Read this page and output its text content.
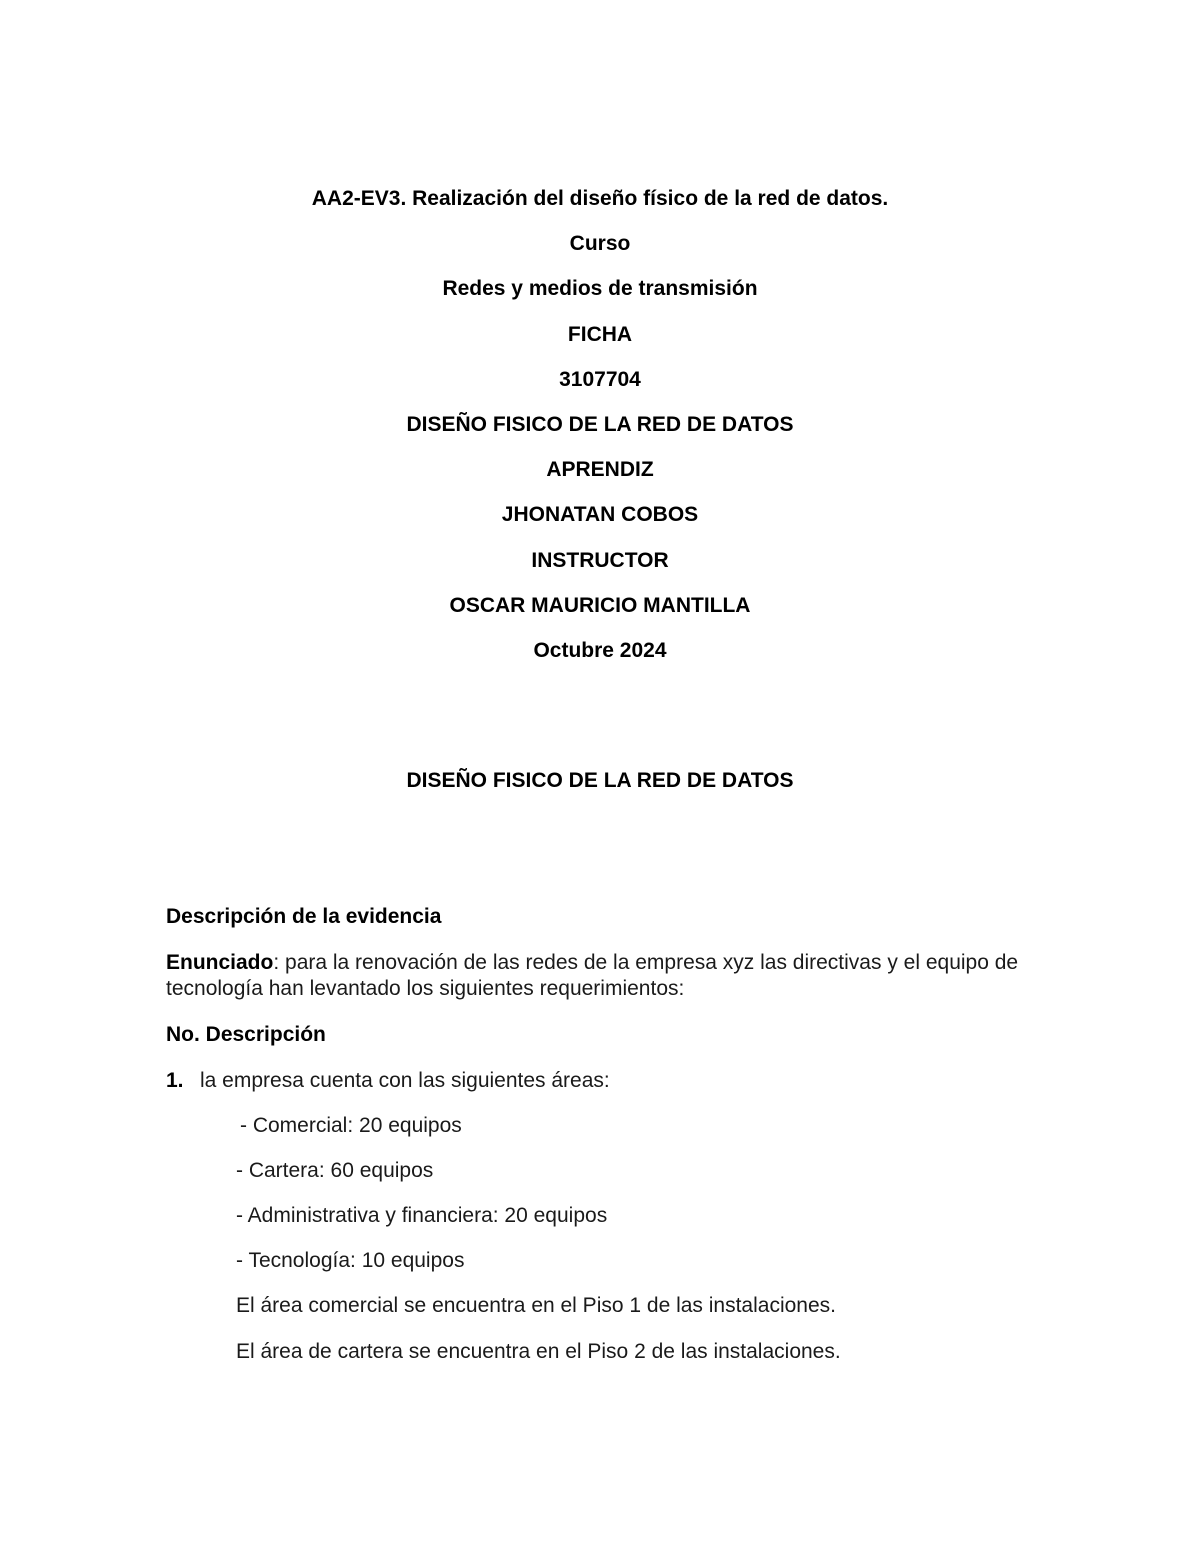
AA2-EV3. Realización del diseño físico de la red de datos.
Curso
Redes y medios de transmisión
FICHA
3107704
DISEÑO FISICO DE LA RED DE DATOS
APRENDIZ
JHONATAN COBOS
INSTRUCTOR
OSCAR MAURICIO MANTILLA
Octubre 2024
DISEÑO FISICO DE LA RED DE DATOS
Descripción de la evidencia
Enunciado: para la renovación de las redes de la empresa xyz las directivas y el equipo de tecnología han levantado los siguientes requerimientos:
No. Descripción
1. la empresa cuenta con las siguientes áreas:
- Comercial: 20 equipos
- Cartera: 60 equipos
- Administrativa y financiera: 20 equipos
- Tecnología: 10 equipos
El área comercial se encuentra en el Piso 1 de las instalaciones.
El área de cartera se encuentra en el Piso 2 de las instalaciones.
